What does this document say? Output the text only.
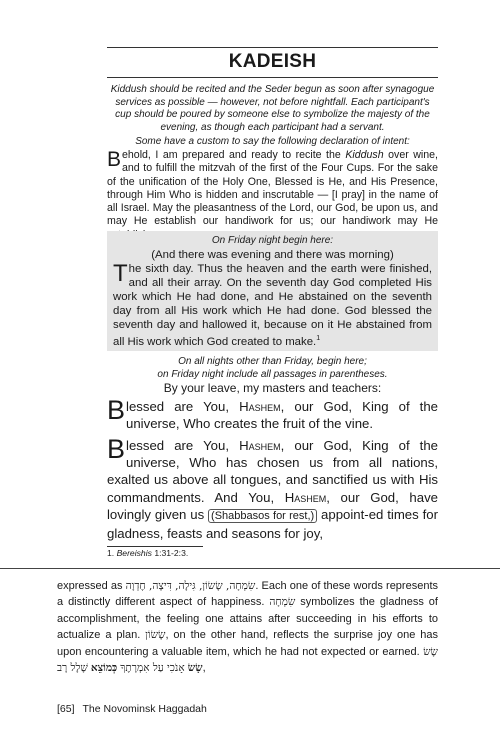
KADEISH
Kiddush should be recited and the Seder begun as soon after synagogue services as possible — however, not before nightfall. Each participant's cup should be poured by someone else to symbolize the majesty of the evening, as though each participant had a servant.
Some have a custom to say the following declaration of intent:
Behold, I am prepared and ready to recite the Kiddush over wine, and to fulfill the mitzvah of the first of the Four Cups. For the sake of the unification of the Holy One, Blessed is He, and His Presence, through Him Who is hidden and inscrutable — [I pray] in the name of all Israel. May the pleasantness of the Lord, our God, be upon us, and may He establish our handiwork for us; our handiwork may He
On Friday night begin here:
(And there was evening and there was morning)
The sixth day. Thus the heaven and the earth were finished, and all their array. On the seventh day God completed His work which He had done, and He abstained on the seventh day from all His work which He had done. God blessed the seventh day and hallowed it, because on it He abstained from all His work which God created to make.$^1$
On all nights other than Friday, begin here;
on Friday night include all passages in parentheses.
By your leave, my masters and teachers:
Blessed are You, Hashem, our God, King of the universe, Who creates the fruit of the vine.
Blessed are You, Hashem, our God, King of the universe, Who has chosen us from all nations, exalted us above all tongues, and sanctified us with His commandments. And You, Hashem, our God, have lovingly given us (Shabbasos for rest,) appoint-ed times for gladness, feasts and seasons for joy,
1. Bereishis 1:31-2:3.
expressed as שִׂמְחָה, שָׂשׂוֹן, גִּילָה, דִּיצָה, חֶדְוָה. Each one of these words represents a distinctly different aspect of happiness. שִׂמְחָה symbolizes the gladness of accomplishment, the feeling one attains after succeeding in his efforts to actualize a plan. שָׂשׂוֹן, on the other hand, reflects the surprise joy one has upon encountering a valuable item, which he had not expected or earned. שָׂשׂ אָנֹכִי עַל אִמְרָתֶךָ כְּמוֹצֵא שָׁלָל רָב	שָׂשׂ,
[65] The Novominsk Haggadah
